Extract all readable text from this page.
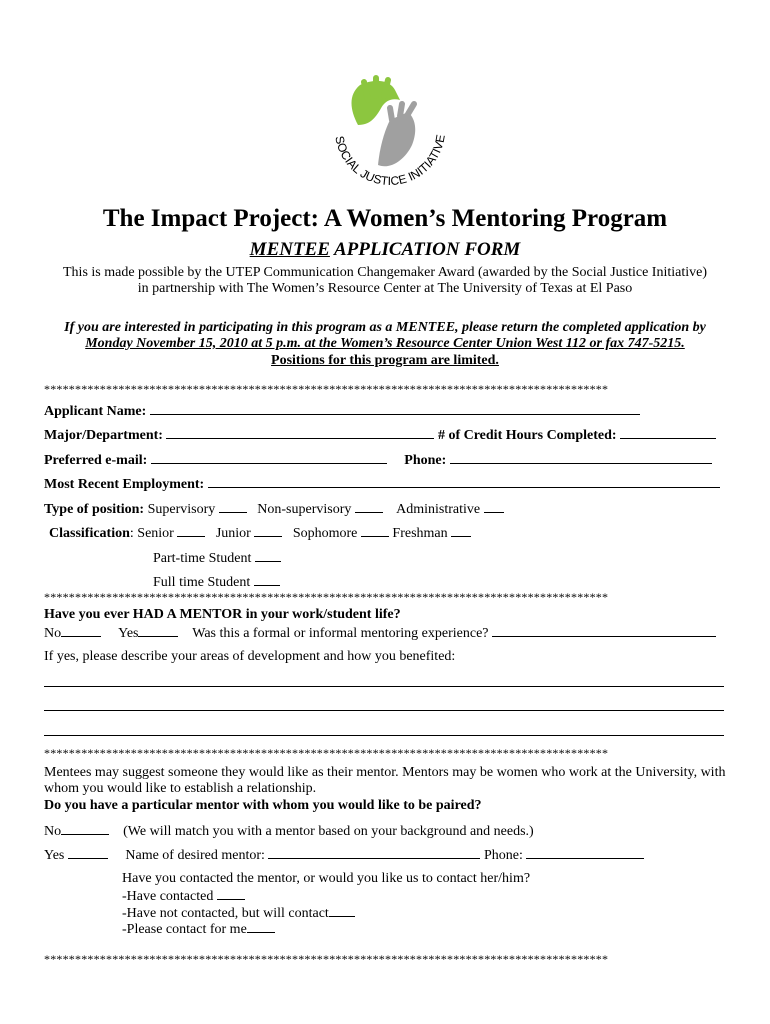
SOCIAL JUSTICE INITIATIVE
The Impact Project: A Women’s Mentoring Program
MENTEE APPLICATION FORM
This is made possible by the UTEP Communication Changemaker Award (awarded by the Social Justice Initiative)
in partnership with The Women’s Resource Center at The University of Texas at El Paso
If you are interested in participating in this program as a MENTEE, please return the completed application by
Monday November 15, 2010 at 5 p.m. at the Women’s Resource Center Union West 112 or fax 747-5215.
Positions for this program are limited.
*******************************************************************************************
Applicant Name:
Major/Department:	# of Credit Hours Completed:
Preferred e-mail:	Phone:
Most Recent Employment:
Type of position: Supervisory	Non-supervisory	Administrative
Classification: Senior	Junior	Sophomore	Freshman
Part-time Student
Full time Student
*******************************************************************************************
Have you ever HAD A MENTOR in your work/student life?
No	Yes	Was this a formal or informal mentoring experience?
If yes, please describe your areas of development and how you benefited:
*******************************************************************************************
Mentees may suggest someone they would like as their mentor. Mentors may be women who work at the University, with
whom you would like to establish a relationship.
Do you have a particular mentor with whom you would like to be paired?
No	(We will match you with a mentor based on your background and needs.)
Yes	Name of desired mentor:	Phone:
Have you contacted the mentor, or would you like us to contact her/him?
-Have contacted
-Have not contacted, but will contact
-Please contact for me
*******************************************************************************************
